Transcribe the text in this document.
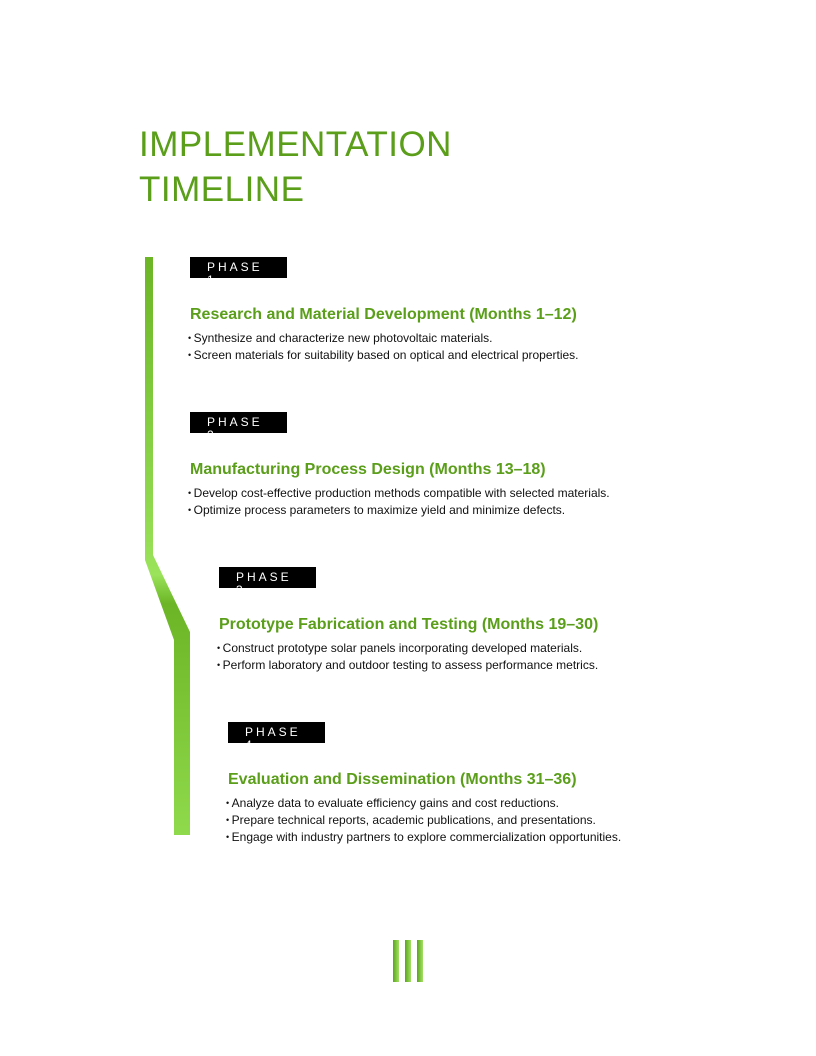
IMPLEMENTATION
TIMELINE
PHASE 1
Research and Material Development (Months 1–12)
• Synthesize and characterize new photovoltaic materials.
• Screen materials for suitability based on optical and electrical properties.
PHASE 2
Manufacturing Process Design (Months 13–18)
• Develop cost-effective production methods compatible with selected materials.
• Optimize process parameters to maximize yield and minimize defects.
PHASE 3
Prototype Fabrication and Testing (Months 19–30)
• Construct prototype solar panels incorporating developed materials.
• Perform laboratory and outdoor testing to assess performance metrics.
PHASE 4
Evaluation and Dissemination (Months 31–36)
• Analyze data to evaluate efficiency gains and cost reductions.
• Prepare technical reports, academic publications, and presentations.
• Engage with industry partners to explore commercialization opportunities.
